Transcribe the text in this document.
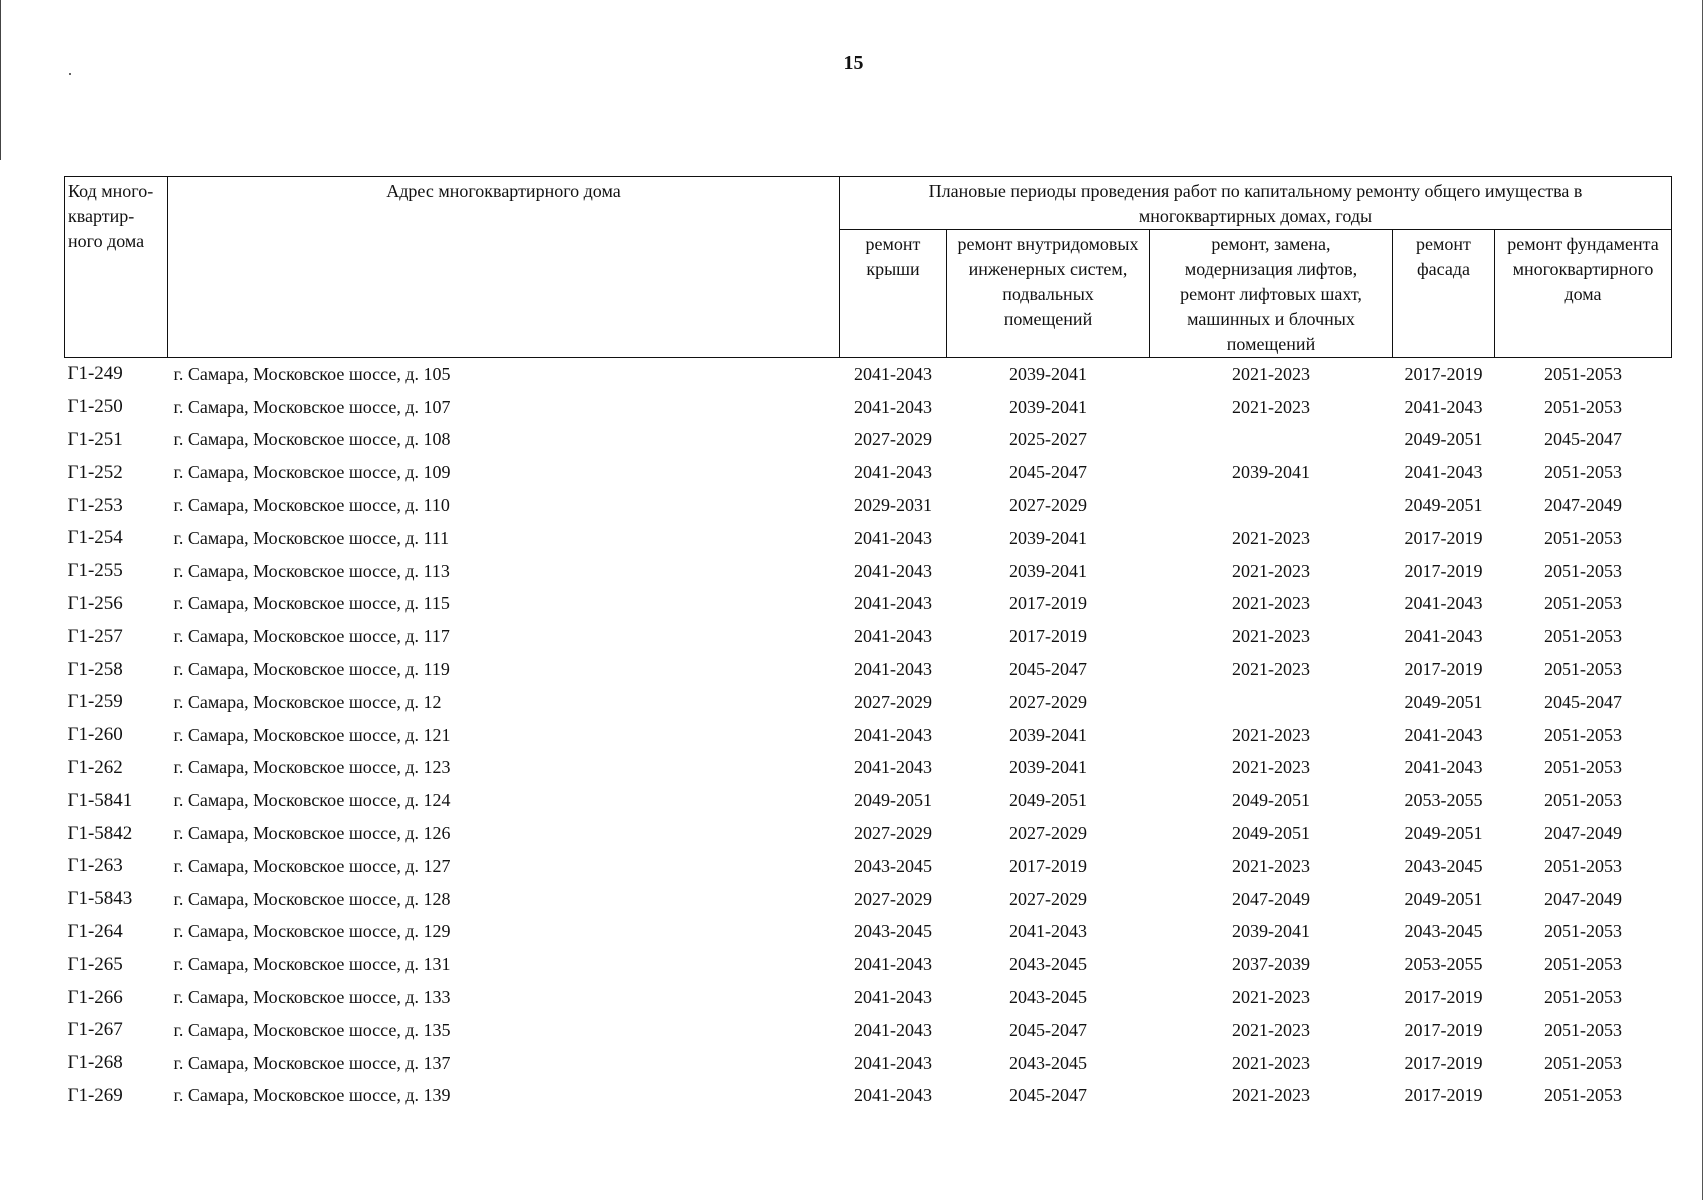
15
Код много-квартир-ного дома	Адрес многоквартирного дома	Плановые периоды проведения работ по капитальному ремонту общего имущества в многоквартирных домах, годы				
		ремонт крыши	ремонт внутридомовых инженерных систем, подвальных помещений	ремонт, замена, модернизация лифтов, ремонт лифтовых шахт, машинных и блочных помещений	ремонт фасада	ремонт фундамента многоквартирного дома
Г1-249	г. Самара, Московское шоссе, д. 105	2041-2043	2039-2041	2021-2023	2017-2019	2051-2053
Г1-250	г. Самара, Московское шоссе, д. 107	2041-2043	2039-2041	2021-2023	2041-2043	2051-2053
Г1-251	г. Самара, Московское шоссе, д. 108	2027-2029	2025-2027		2049-2051	2045-2047
Г1-252	г. Самара, Московское шоссе, д. 109	2041-2043	2045-2047	2039-2041	2041-2043	2051-2053
Г1-253	г. Самара, Московское шоссе, д. 110	2029-2031	2027-2029		2049-2051	2047-2049
Г1-254	г. Самара, Московское шоссе, д. 111	2041-2043	2039-2041	2021-2023	2017-2019	2051-2053
Г1-255	г. Самара, Московское шоссе, д. 113	2041-2043	2039-2041	2021-2023	2017-2019	2051-2053
Г1-256	г. Самара, Московское шоссе, д. 115	2041-2043	2017-2019	2021-2023	2041-2043	2051-2053
Г1-257	г. Самара, Московское шоссе, д. 117	2041-2043	2017-2019	2021-2023	2041-2043	2051-2053
Г1-258	г. Самара, Московское шоссе, д. 119	2041-2043	2045-2047	2021-2023	2017-2019	2051-2053
Г1-259	г. Самара, Московское шоссе, д. 12	2027-2029	2027-2029		2049-2051	2045-2047
Г1-260	г. Самара, Московское шоссе, д. 121	2041-2043	2039-2041	2021-2023	2041-2043	2051-2053
Г1-262	г. Самара, Московское шоссе, д. 123	2041-2043	2039-2041	2021-2023	2041-2043	2051-2053
Г1-5841	г. Самара, Московское шоссе, д. 124	2049-2051	2049-2051	2049-2051	2053-2055	2051-2053
Г1-5842	г. Самара, Московское шоссе, д. 126	2027-2029	2027-2029	2049-2051	2049-2051	2047-2049
Г1-263	г. Самара, Московское шоссе, д. 127	2043-2045	2017-2019	2021-2023	2043-2045	2051-2053
Г1-5843	г. Самара, Московское шоссе, д. 128	2027-2029	2027-2029	2047-2049	2049-2051	2047-2049
Г1-264	г. Самара, Московское шоссе, д. 129	2043-2045	2041-2043	2039-2041	2043-2045	2051-2053
Г1-265	г. Самара, Московское шоссе, д. 131	2041-2043	2043-2045	2037-2039	2053-2055	2051-2053
Г1-266	г. Самара, Московское шоссе, д. 133	2041-2043	2043-2045	2021-2023	2017-2019	2051-2053
Г1-267	г. Самара, Московское шоссе, д. 135	2041-2043	2045-2047	2021-2023	2017-2019	2051-2053
Г1-268	г. Самара, Московское шоссе, д. 137	2041-2043	2043-2045	2021-2023	2017-2019	2051-2053
Г1-269	г. Самара, Московское шоссе, д. 139	2041-2043	2045-2047	2021-2023	2017-2019	2051-2053
